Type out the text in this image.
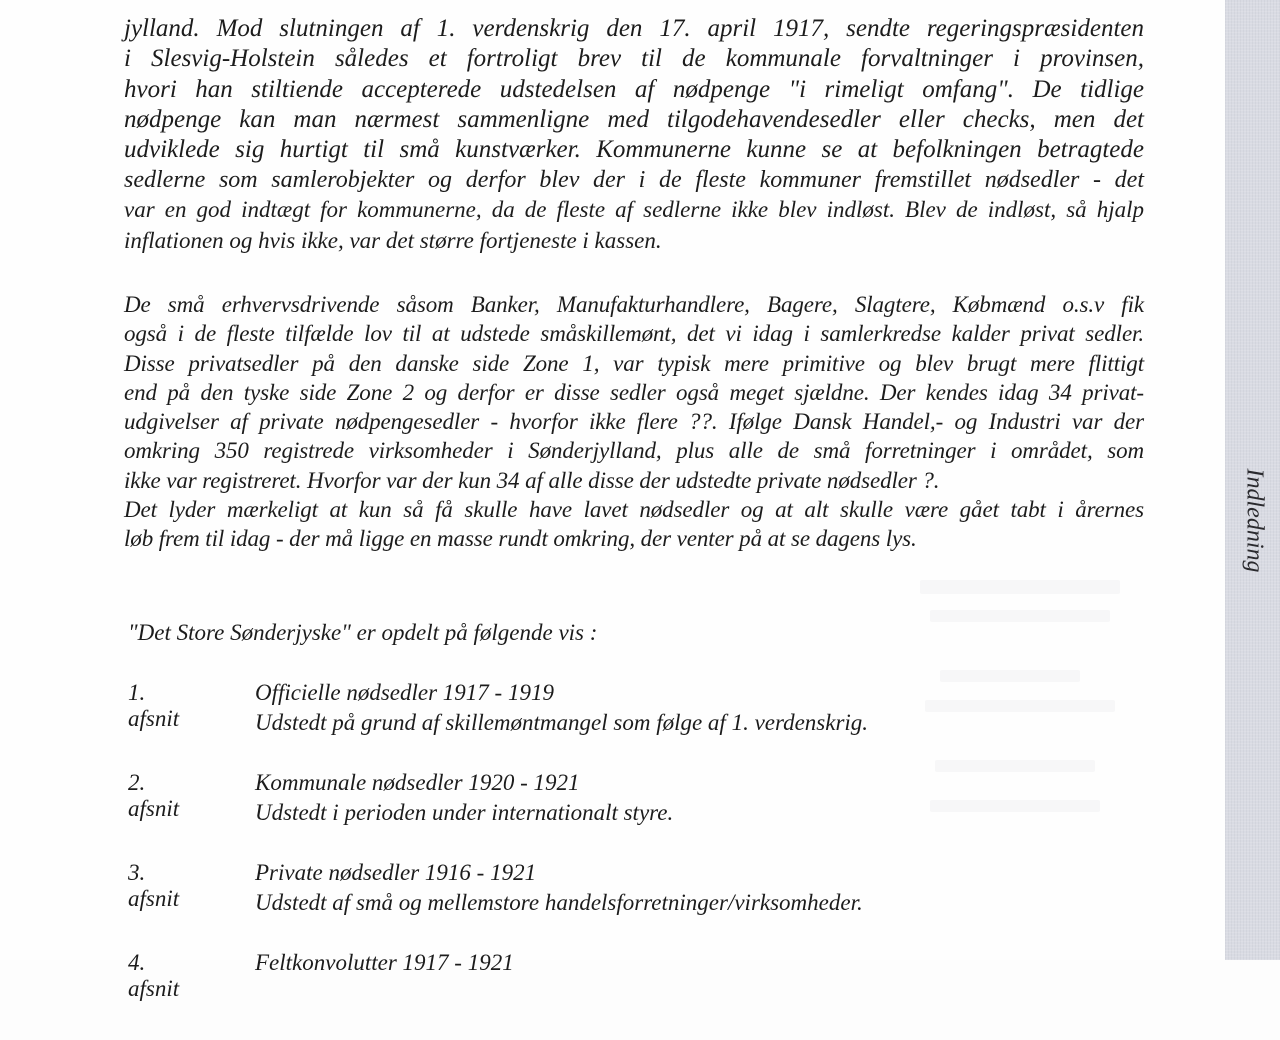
jylland. Mod slutningen af 1. verdenskrig den 17. april 1917, sendte regeringspræsidenten
i Slesvig-Holstein således et fortroligt brev til de kommunale forvaltninger i provinsen,
hvori han stiltiende accepterede udstedelsen af nødpenge "i rimeligt omfang". De tidlige
nødpenge kan man nærmest sammenligne med tilgodehavendesedler eller checks, men det
udviklede sig hurtigt til små kunstværker. Kommunerne kunne se at befolkningen betragtede
sedlerne som samlerobjekter og derfor blev der i de fleste kommuner fremstillet nødsedler - det
var en god indtægt for kommunerne, da de fleste af sedlerne ikke blev indløst. Blev de indløst, så hjalp
inflationen og hvis ikke, var det større fortjeneste i kassen.
De små erhvervsdrivende såsom Banker, Manufakturhandlere, Bagere, Slagtere, Købmænd o.s.v fik
også i de fleste tilfælde lov til at udstede småskillemønt, det vi idag i samlerkredse kalder privat sedler.
Disse privatsedler på den danske side Zone 1, var typisk mere primitive og blev brugt mere flittigt
end på den tyske side Zone 2 og derfor er disse sedler også meget sjældne. Der kendes idag 34 privat-
udgivelser af private nødpengesedler - hvorfor ikke flere ??. Ifølge Dansk Handel,- og Industri var der
omkring 350 registrede virksomheder i Sønderjylland, plus alle de små forretninger i området, som
ikke var registreret. Hvorfor var der kun 34 af alle disse der udstedte private nødsedler ?.
Det lyder mærkeligt at kun så få skulle have lavet nødsedler og at alt skulle være gået tabt i årernes
løb frem til idag - der må ligge en masse rundt omkring, der venter på at se dagens lys.
"Det Store Sønderjyske" er opdelt på følgende vis :
1. afsnit
Officielle nødsedler 1917 - 1919
Udstedt på grund af skillemøntmangel som følge af 1. verdenskrig.
2. afsnit
Kommunale nødsedler 1920 - 1921
Udstedt i perioden under internationalt styre.
3. afsnit
Private nødsedler 1916 - 1921
Udstedt af små og mellemstore handelsforretninger/virksomheder.
4. afsnit
Feltkonvolutter 1917 - 1921
Indledning
